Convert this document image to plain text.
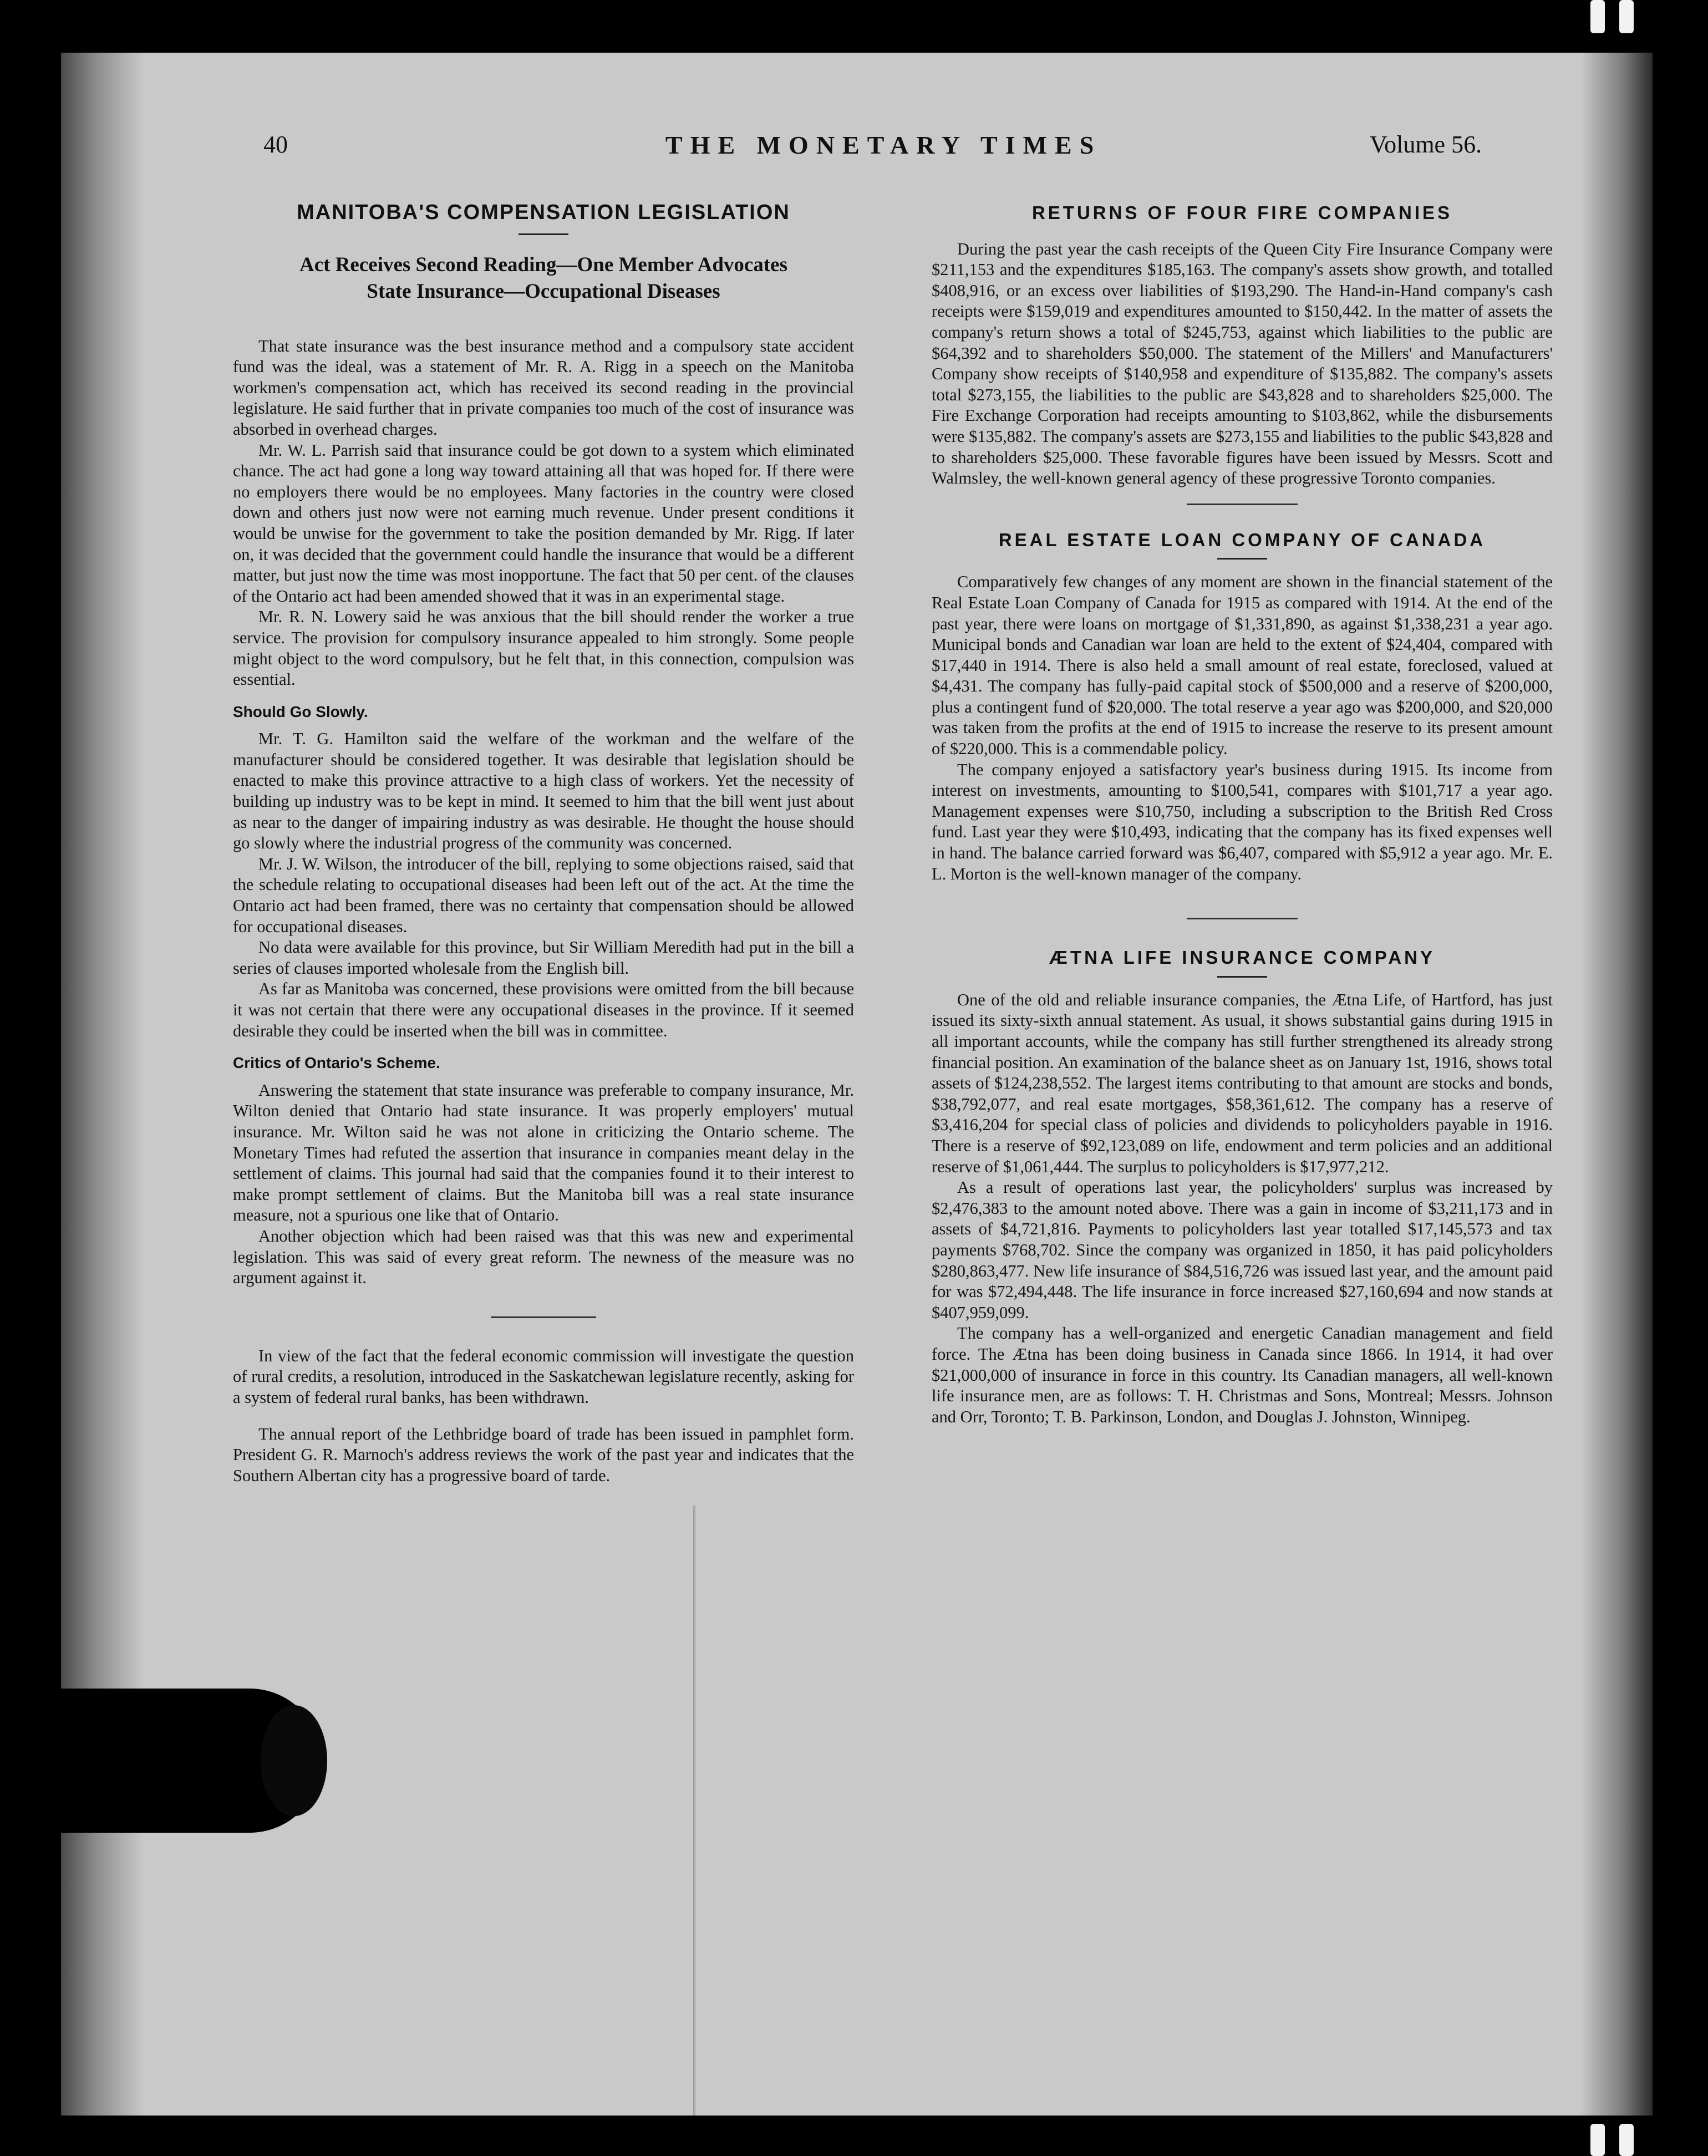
40	THE MONETARY TIMES	Volume 56.
MANITOBA'S COMPENSATION LEGISLATION
Act Receives Second Reading—One Member Advocates
State Insurance—Occupational Diseases

That state insurance was the best insurance method and a compulsory state accident fund was the ideal, was a statement of Mr. R. A. Rigg in a speech on the Manitoba workmen's compensation act, which has received its second reading in the provincial legislature. He said further that in private companies too much of the cost of insurance was absorbed in overhead charges.

Mr. W. L. Parrish said that insurance could be got down to a system which eliminated chance. The act had gone a long way toward attaining all that was hoped for. If there were no employers there would be no employees. Many factories in the country were closed down and others just now were not earning much revenue. Under present conditions it would be unwise for the government to take the position demanded by Mr. Rigg. If later on, it was decided that the government could handle the insurance that would be a different matter, but just now the time was most inopportune. The fact that 50 per cent. of the clauses of the Ontario act had been amended showed that it was in an experimental stage.

Mr. R. N. Lowery said he was anxious that the bill should render the worker a true service. The provision for compulsory insurance appealed to him strongly. Some people might object to the word compulsory, but he felt that, in this connection, compulsion was essential.

Should Go Slowly.

Mr. T. G. Hamilton said the welfare of the workman and the welfare of the manufacturer should be considered together. It was desirable that legislation should be enacted to make this province attractive to a high class of workers. Yet the necessity of building up industry was to be kept in mind. It seemed to him that the bill went just about as near to the danger of impairing industry as was desirable. He thought the house should go slowly where the industrial progress of the community was concerned.

Mr. J. W. Wilson, the introducer of the bill, replying to some objections raised, said that the schedule relating to occupational diseases had been left out of the act. At the time the Ontario act had been framed, there was no certainty that compensation should be allowed for occupational diseases.

No data were available for this province, but Sir William Meredith had put in the bill a series of clauses imported wholesale from the English bill.

As far as Manitoba was concerned, these provisions were omitted from the bill because it was not certain that there were any occupational diseases in the province. If it seemed desirable they could be inserted when the bill was in committee.

Critics of Ontario's Scheme.

Answering the statement that state insurance was preferable to company insurance, Mr. Wilton denied that Ontario had state insurance. It was properly employers' mutual insurance. Mr. Wilton said he was not alone in criticizing the Ontario scheme. The Monetary Times had refuted the assertion that insurance in companies meant delay in the settlement of claims. This journal had said that the companies found it to their interest to make prompt settlement of claims. But the Manitoba bill was a real state insurance measure, not a spurious one like that of Ontario.

Another objection which had been raised was that this was new and experimental legislation. This was said of every great reform. The newness of the measure was no argument against it.

In view of the fact that the federal economic commission will investigate the question of rural credits, a resolution, introduced in the Saskatchewan legislature recently, asking for a system of federal rural banks, has been withdrawn.

The annual report of the Lethbridge board of trade has been issued in pamphlet form. President G. R. Marnoch's address reviews the work of the past year and indicates that the Southern Albertan city has a progressive board of tarde.

RETURNS OF FOUR FIRE COMPANIES

During the past year the cash receipts of the Queen City Fire Insurance Company were $211,153 and the expenditures $185,163. The company's assets show growth, and totalled $408,916, or an excess over liabilities of $193,290. The Hand-in-Hand company's cash receipts were $159,019 and expenditures amounted to $150,442. In the matter of assets the company's return shows a total of $245,753, against which liabilities to the public are $64,392 and to shareholders $50,000. The statement of the Millers' and Manufacturers' Company show receipts of $140,958 and expenditure of $135,882. The company's assets total $273,155, the liabilities to the public are $43,828 and to shareholders $25,000. The Fire Exchange Corporation had receipts amounting to $103,862, while the disbursements were $135,882. The company's assets are $273,155 and liabilities to the public $43,828 and to shareholders $25,000. These favorable figures have been issued by Messrs. Scott and Walmsley, the well-known general agency of these progressive Toronto companies.

REAL ESTATE LOAN COMPANY OF CANADA

Comparatively few changes of any moment are shown in the financial statement of the Real Estate Loan Company of Canada for 1915 as compared with 1914. At the end of the past year, there were loans on mortgage of $1,331,890, as against $1,338,231 a year ago. Municipal bonds and Canadian war loan are held to the extent of $24,404, compared with $17,440 in 1914. There is also held a small amount of real estate, foreclosed, valued at $4,431. The company has fully-paid capital stock of $500,000 and a reserve of $200,000, plus a contingent fund of $20,000. The total reserve a year ago was $200,000, and $20,000 was taken from the profits at the end of 1915 to increase the reserve to its present amount of $220,000. This is a commendable policy.

The company enjoyed a satisfactory year's business during 1915. Its income from interest on investments, amounting to $100,541, compares with $101,717 a year ago. Management expenses were $10,750, including a subscription to the British Red Cross fund. Last year they were $10,493, indicating that the company has its fixed expenses well in hand. The balance carried forward was $6,407, compared with $5,912 a year ago. Mr. E. L. Morton is the well-known manager of the company.

ÆTNA LIFE INSURANCE COMPANY

One of the old and reliable insurance companies, the Ætna Life, of Hartford, has just issued its sixty-sixth annual statement. As usual, it shows substantial gains during 1915 in all important accounts, while the company has still further strengthened its already strong financial position. An examination of the balance sheet as on January 1st, 1916, shows total assets of $124,238,552. The largest items contributing to that amount are stocks and bonds, $38,792,077, and real esate mortgages, $58,361,612. The company has a reserve of $3,416,204 for special class of policies and dividends to policyholders payable in 1916. There is a reserve of $92,123,089 on life, endowment and term policies and an additional reserve of $1,061,444. The surplus to policyholders is $17,977,212.

As a result of operations last year, the policyholders' surplus was increased by $2,476,383 to the amount noted above. There was a gain in income of $3,211,173 and in assets of $4,721,816. Payments to policyholders last year totalled $17,145,573 and tax payments $768,702. Since the company was organized in 1850, it has paid policyholders $280,863,477. New life insurance of $84,516,726 was issued last year, and the amount paid for was $72,494,448. The life insurance in force increased $27,160,694 and now stands at $407,959,099.

The company has a well-organized and energetic Canadian management and field force. The Ætna has been doing business in Canada since 1866. In 1914, it had over $21,000,000 of insurance in force in this country. Its Canadian managers, all well-known life insurance men, are as follows: T. H. Christmas and Sons, Montreal; Messrs. Johnson and Orr, Toronto; T. B. Parkinson, London, and Douglas J. Johnston, Winnipeg.
